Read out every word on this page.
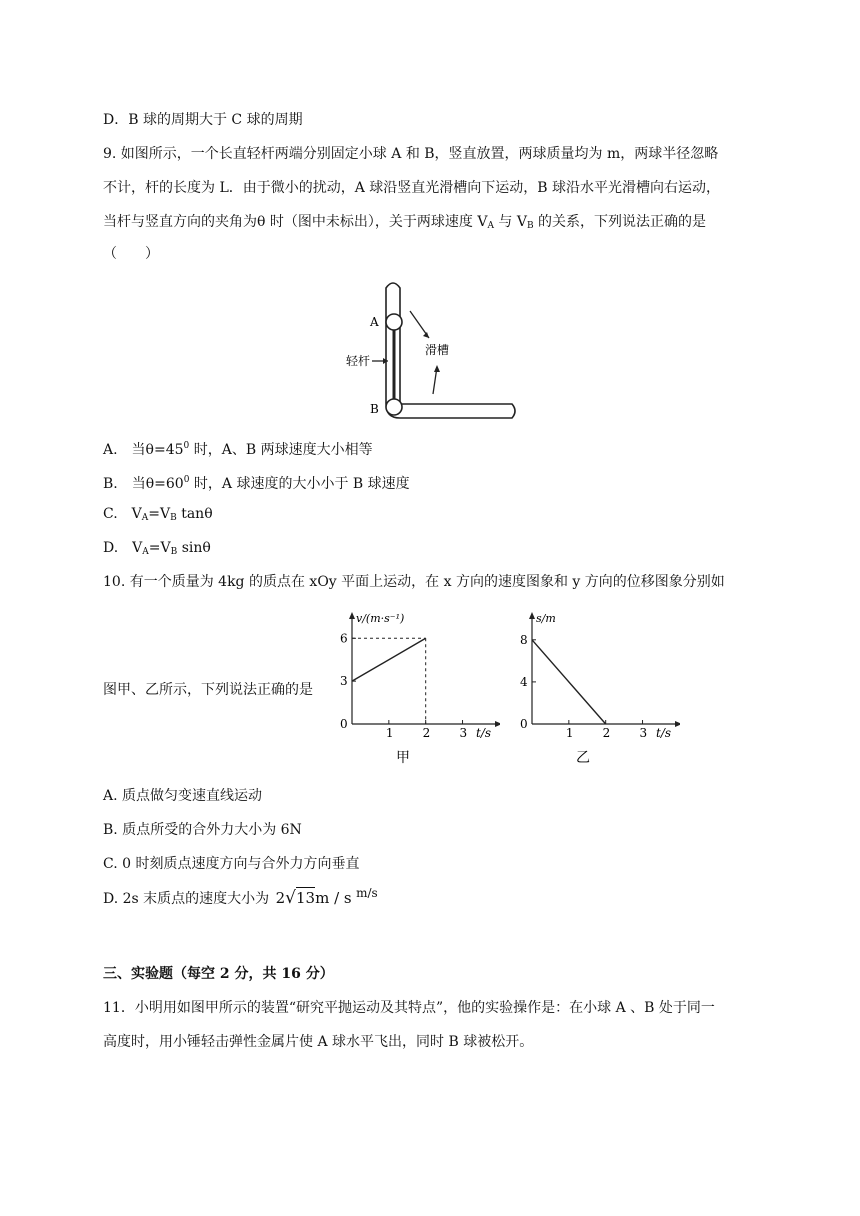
D．B 球的周期大于 C 球的周期
9. 如图所示，一个长直轻杆两端分别固定小球 A 和 B，竖直放置，两球质量均为 m，两球半径忽略
不计，杆的长度为 L．由于微小的扰动，A 球沿竖直光滑槽向下运动，B 球沿水平光滑槽向右运动，
当杆与竖直方向的夹角为θ 时（图中未标出），关于两球速度 $V_A$ 与 $V_B$ 的关系，下列说法正确的是
（　　）
A
B
轻杆
滑槽
A.　当$\theta=45^0$ 时，A、B 两球速度大小相等
B.　当$\theta=60^0$ 时，A 球速度的大小小于 B 球速度
C.　$V_A=V_B$ tanθ
D.　$V_A=V_B$ sinθ
10. 有一个质量为 4kg 的质点在 xOy 平面上运动，在 x 方向的速度图象和 y 方向的位移图象分别如
图甲、乙所示，下列说法正确的是
1 2 3
3
6
0
t/s
v/(m·s⁻¹)
甲
1 2 3
4
8
0
t/s
s/m
乙
A. 质点做匀变速直线运动
B. 质点所受的合外力大小为 6N
C. 0 时刻质点速度方向与合外力方向垂直
D. 2s 末质点的速度大小为 2√13m / s m/s
三、实验题（每空 2 分，共 16 分）
11．小明用如图甲所示的装置“研究平抛运动及其特点”，他的实验操作是：在小球 A 、B 处于同一
高度时，用小锤轻击弹性金属片使 A 球水平飞出，同时 B 球被松开。
